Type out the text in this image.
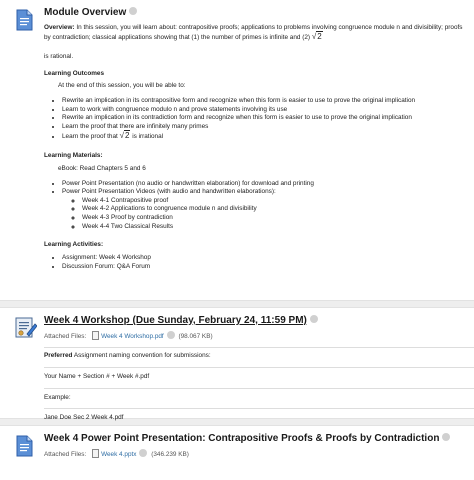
Module Overview
Overview: In this session, you will learn about: contrapositive proofs; applications to problems involving congruence module n and divisibility; proofs by contradiction; classical applications showing that (1) the number of primes is infinite and (2) √2
is rational.
Learning Outcomes
At the end of this session, you will be able to:
• Rewrite an implication in its contrapositive form and recognize when this form is easier to use to prove the original implication
• Learn to work with congruence modulo n and prove statements involving its use
• Rewrite an implication in its contradiction form and recognize when this form is easier to use to prove the original implication
• Learn the proof that there are infinitely many primes
• Learn the proof that √2 is irrational
Learning Materials:
eBook: Read Chapters 5 and 6
• Power Point Presentation (no audio or handwritten elaboration) for download and printing
• Power Point Presentation Videos (with audio and handwritten elaborations):
◦ Week 4-1 Contrapositive proof
◦ Week 4-2 Applications to congruence module n and divisibility
◦ Week 4-3 Proof by contradiction
◦ Week 4-4 Two Classical Results
Learning Activities:
• Assignment: Week 4 Workshop
• Discussion Forum: Q&A Forum
Week 4 Workshop (Due Sunday, February 24, 11:59 PM)
Attached Files: Week 4 Workshop.pdf (98.067 KB)
Preferred Assignment naming convention for submissions:
Your Name + Section # + Week #.pdf
Example:
Jane Doe Sec 2 Week 4.pdf
Week 4 Power Point Presentation: Contrapositive Proofs & Proofs by Contradiction
Attached Files: Week 4.pptx (346.239 KB)
